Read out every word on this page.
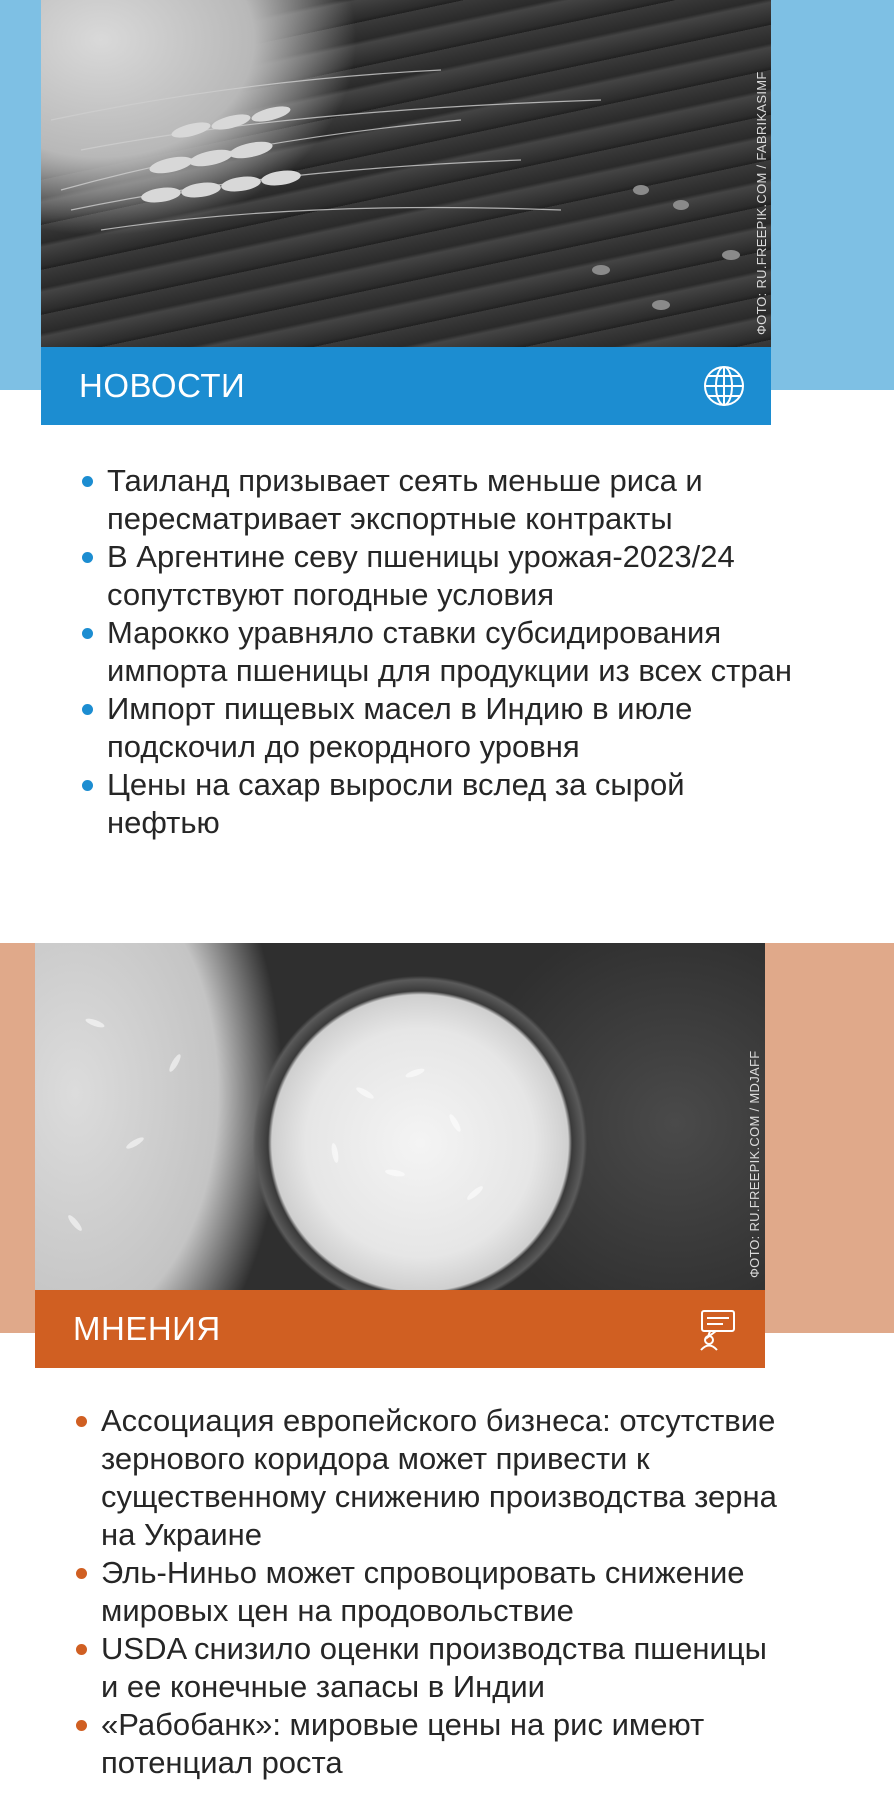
ФОТО: RU.FREEPIK.COM / FABRIKASIMF
НОВОСТИ
Таиланд призывает сеять меньше риса и пересматривает экспортные контракты
В Аргентине севу пшеницы урожая-2023/24 сопутствуют погодные условия
Марокко уравняло ставки субсидирования импорта пшеницы для продукции из всех стран
Импорт пищевых масел в Индию в июле подскочил до рекордного уровня
Цены на сахар выросли вслед за сырой нефтью
ФОТО: RU.FREEPIK.COM / MDJAFF
МНЕНИЯ
Ассоциация европейского бизнеса: отсутствие зернового коридора может привести к существенному снижению производства зерна на Украине
Эль-Ниньо может спровоцировать снижение мировых цен на продовольствие
USDA снизило оценки производства пшеницы и ее конечные запасы в Индии
«Рабобанк»: мировые цены на рис имеют потенциал роста
